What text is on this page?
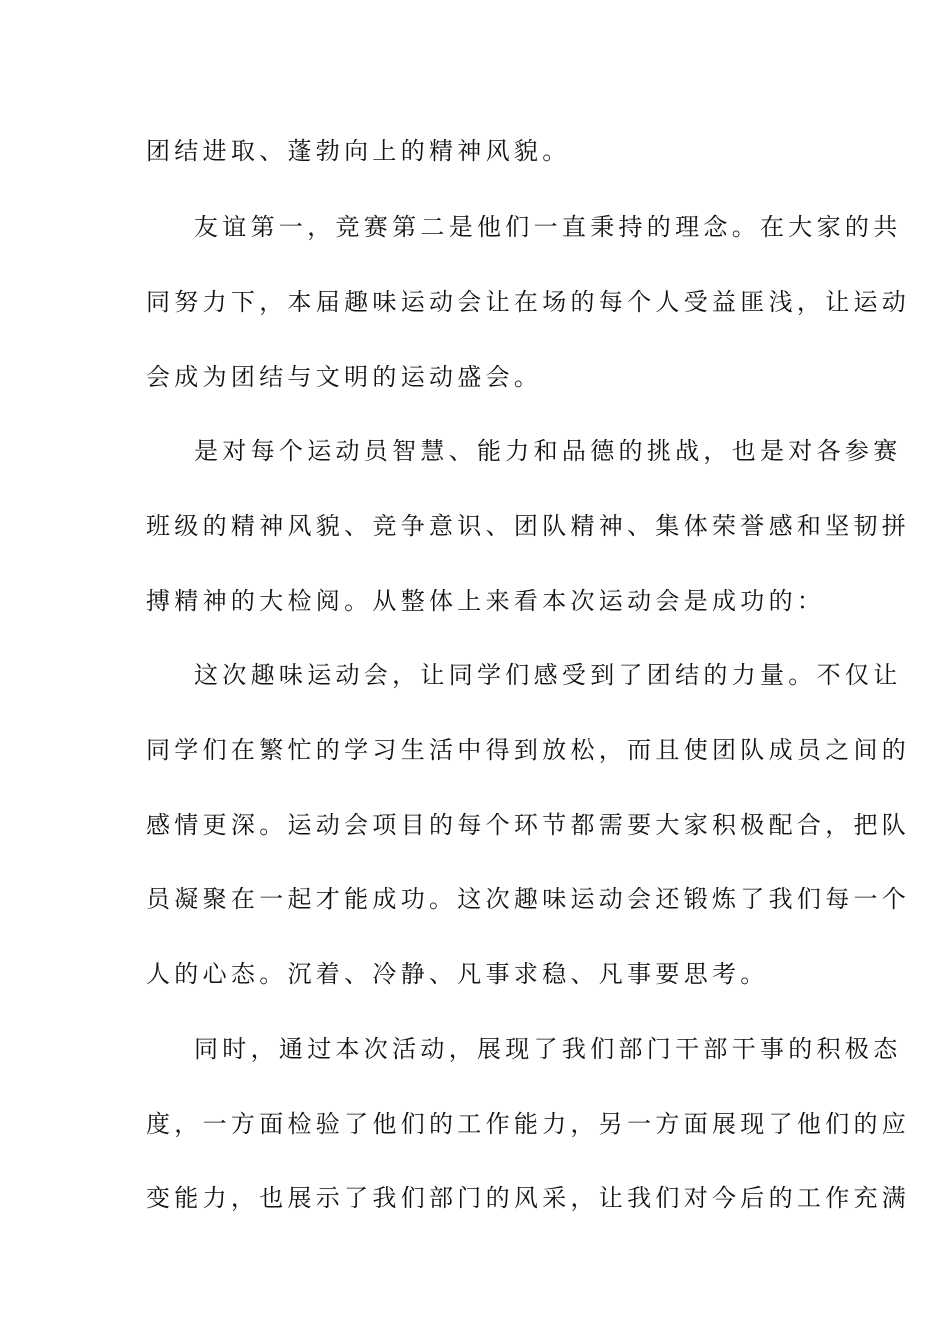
团结进取、蓬勃向上的精神风貌。
友谊第一，竞赛第二是他们一直秉持的理念。在大家的共
同努力下，本届趣味运动会让在场的每个人受益匪浅，让运动
会成为团结与文明的运动盛会。
是对每个运动员智慧、能力和品德的挑战，也是对各参赛
班级的精神风貌、竞争意识、团队精神、集体荣誉感和坚韧拼
搏精神的大检阅。从整体上来看本次运动会是成功的：
这次趣味运动会，让同学们感受到了团结的力量。不仅让
同学们在繁忙的学习生活中得到放松，而且使团队成员之间的
感情更深。运动会项目的每个环节都需要大家积极配合，把队
员凝聚在一起才能成功。这次趣味运动会还锻炼了我们每一个
人的心态。沉着、冷静、凡事求稳、凡事要思考。
同时，通过本次活动，展现了我们部门干部干事的积极态
度，一方面检验了他们的工作能力，另一方面展现了他们的应
变能力，也展示了我们部门的风采，让我们对今后的工作充满
